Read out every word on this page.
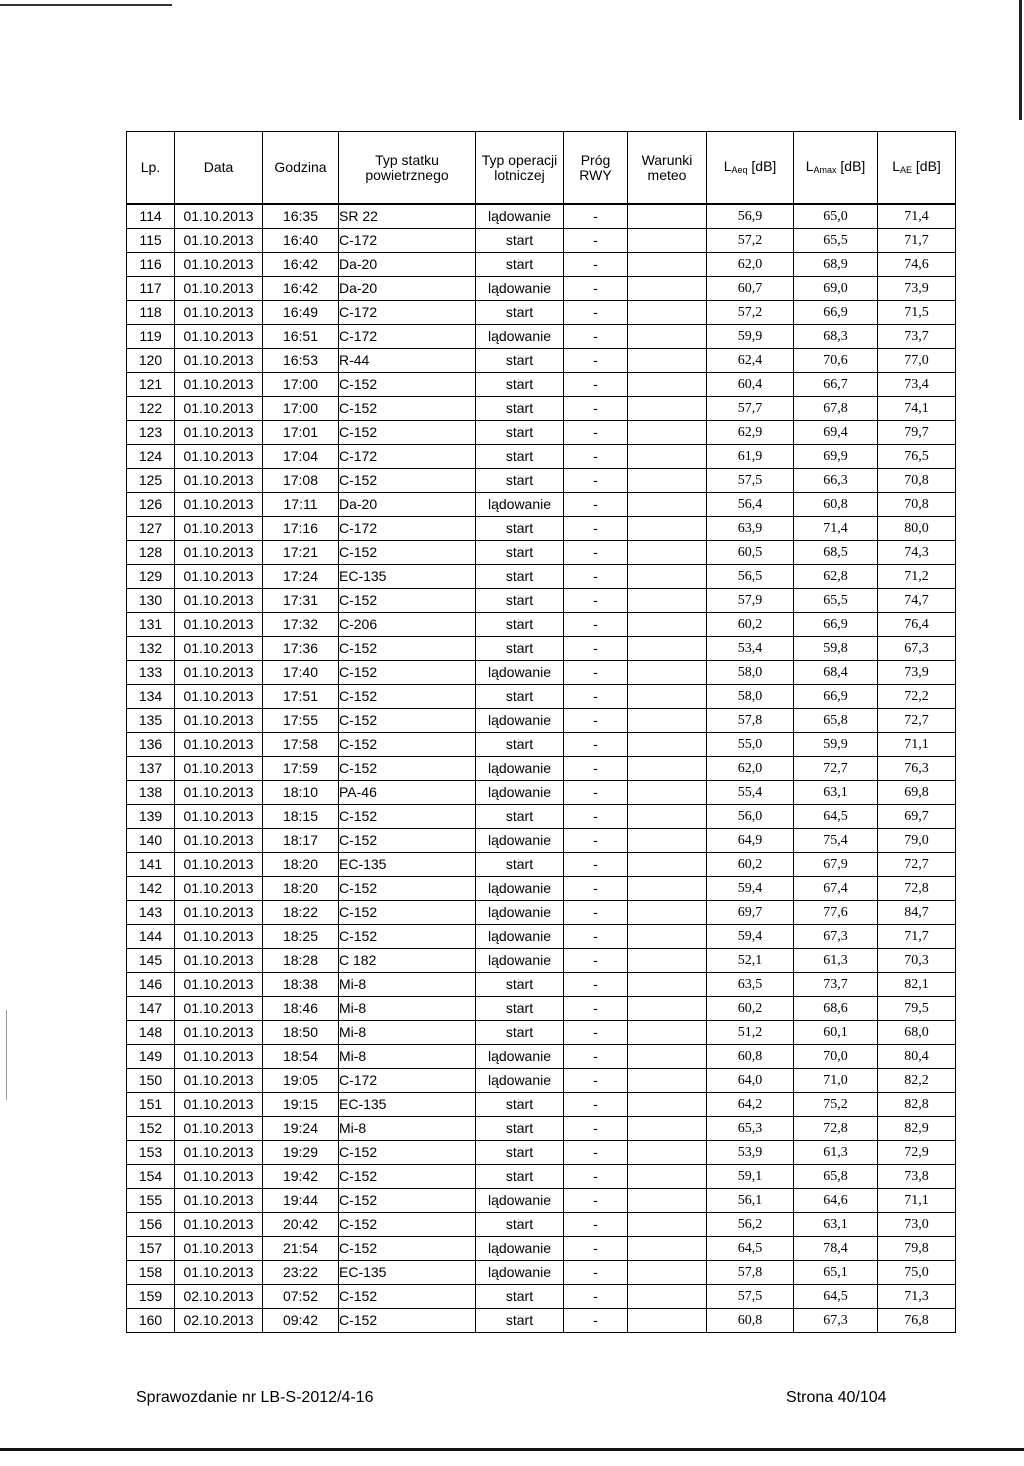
Lp.	Data	Godzina	Typ statku powietrznego	Typ operacji lotniczej	Próg RWY	Warunki meteo	$L_{Aeq}$ [dB]	$L_{Amax}$ [dB]	$L_{AE}$ [dB]
114	01.10.2013	16:35	SR 22	lądowanie	-		56,9	65,0	71,4
115	01.10.2013	16:40	C-172	start	-		57,2	65,5	71,7
116	01.10.2013	16:42	Da-20	start	-		62,0	68,9	74,6
117	01.10.2013	16:42	Da-20	lądowanie	-		60,7	69,0	73,9
118	01.10.2013	16:49	C-172	start	-		57,2	66,9	71,5
119	01.10.2013	16:51	C-172	lądowanie	-		59,9	68,3	73,7
120	01.10.2013	16:53	R-44	start	-		62,4	70,6	77,0
121	01.10.2013	17:00	C-152	start	-		60,4	66,7	73,4
122	01.10.2013	17:00	C-152	start	-		57,7	67,8	74,1
123	01.10.2013	17:01	C-152	start	-		62,9	69,4	79,7
124	01.10.2013	17:04	C-172	start	-		61,9	69,9	76,5
125	01.10.2013	17:08	C-152	start	-		57,5	66,3	70,8
126	01.10.2013	17:11	Da-20	lądowanie	-		56,4	60,8	70,8
127	01.10.2013	17:16	C-172	start	-		63,9	71,4	80,0
128	01.10.2013	17:21	C-152	start	-		60,5	68,5	74,3
129	01.10.2013	17:24	EC-135	start	-		56,5	62,8	71,2
130	01.10.2013	17:31	C-152	start	-		57,9	65,5	74,7
131	01.10.2013	17:32	C-206	start	-		60,2	66,9	76,4
132	01.10.2013	17:36	C-152	start	-		53,4	59,8	67,3
133	01.10.2013	17:40	C-152	lądowanie	-		58,0	68,4	73,9
134	01.10.2013	17:51	C-152	start	-		58,0	66,9	72,2
135	01.10.2013	17:55	C-152	lądowanie	-		57,8	65,8	72,7
136	01.10.2013	17:58	C-152	start	-		55,0	59,9	71,1
137	01.10.2013	17:59	C-152	lądowanie	-		62,0	72,7	76,3
138	01.10.2013	18:10	PA-46	lądowanie	-		55,4	63,1	69,8
139	01.10.2013	18:15	C-152	start	-		56,0	64,5	69,7
140	01.10.2013	18:17	C-152	lądowanie	-		64,9	75,4	79,0
141	01.10.2013	18:20	EC-135	start	-		60,2	67,9	72,7
142	01.10.2013	18:20	C-152	lądowanie	-		59,4	67,4	72,8
143	01.10.2013	18:22	C-152	lądowanie	-		69,7	77,6	84,7
144	01.10.2013	18:25	C-152	lądowanie	-		59,4	67,3	71,7
145	01.10.2013	18:28	C 182	lądowanie	-		52,1	61,3	70,3
146	01.10.2013	18:38	Mi-8	start	-		63,5	73,7	82,1
147	01.10.2013	18:46	Mi-8	start	-		60,2	68,6	79,5
148	01.10.2013	18:50	Mi-8	start	-		51,2	60,1	68,0
149	01.10.2013	18:54	Mi-8	lądowanie	-		60,8	70,0	80,4
150	01.10.2013	19:05	C-172	lądowanie	-		64,0	71,0	82,2
151	01.10.2013	19:15	EC-135	start	-		64,2	75,2	82,8
152	01.10.2013	19:24	Mi-8	start	-		65,3	72,8	82,9
153	01.10.2013	19:29	C-152	start	-		53,9	61,3	72,9
154	01.10.2013	19:42	C-152	start	-		59,1	65,8	73,8
155	01.10.2013	19:44	C-152	lądowanie	-		56,1	64,6	71,1
156	01.10.2013	20:42	C-152	start	-		56,2	63,1	73,0
157	01.10.2013	21:54	C-152	lądowanie	-		64,5	78,4	79,8
158	01.10.2013	23:22	EC-135	lądowanie	-		57,8	65,1	75,0
159	02.10.2013	07:52	C-152	start	-		57,5	64,5	71,3
160	02.10.2013	09:42	C-152	start	-		60,8	67,3	76,8
Sprawozdanie nr LB-S-2012/4-16	Strona 40/104
